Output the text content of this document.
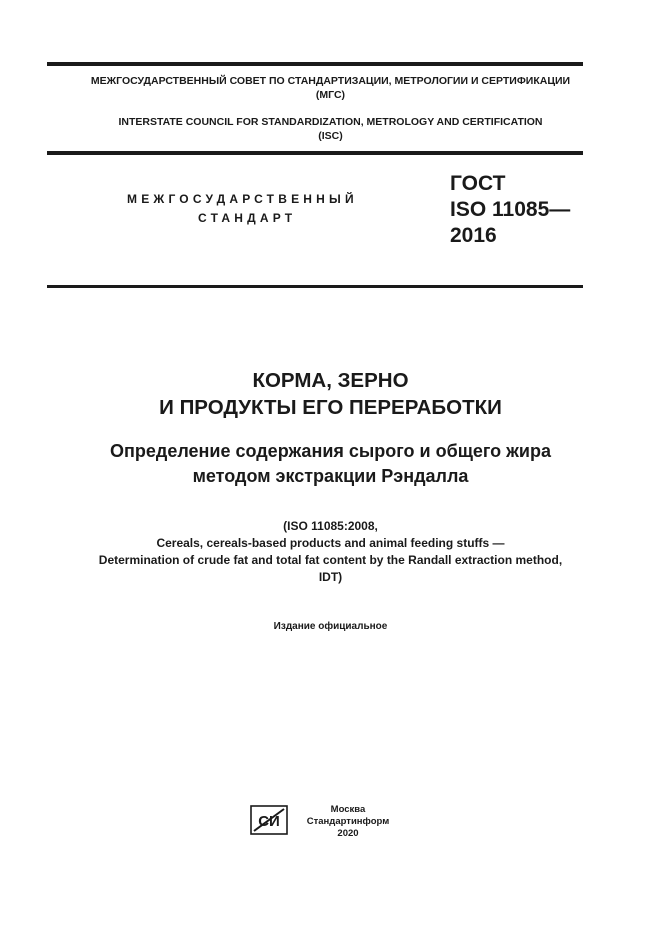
МЕЖГОСУДАРСТВЕННЫЙ СОВЕТ ПО СТАНДАРТИЗАЦИИ, МЕТРОЛОГИИ И СЕРТИФИКАЦИИ
(МГС)
INTERSTATE COUNCIL FOR STANDARDIZATION, METROLOGY AND CERTIFICATION
(ISC)
МЕЖГОСУДАРСТВЕННЫЙ
СТАНДАРТ
ГОСТ
ISO 11085—
2016
КОРМА, ЗЕРНО
И ПРОДУКТЫ ЕГО ПЕРЕРАБОТКИ
Определение содержания сырого и общего жира
методом экстракции Рэндалла
(ISO 11085:2008,
Cereals, cereals-based products and animal feeding stuffs —
Determination of crude fat and total fat content by the Randall extraction method,
IDT)
Издание официальное
СИ
Москва
Стандартинформ
2020
